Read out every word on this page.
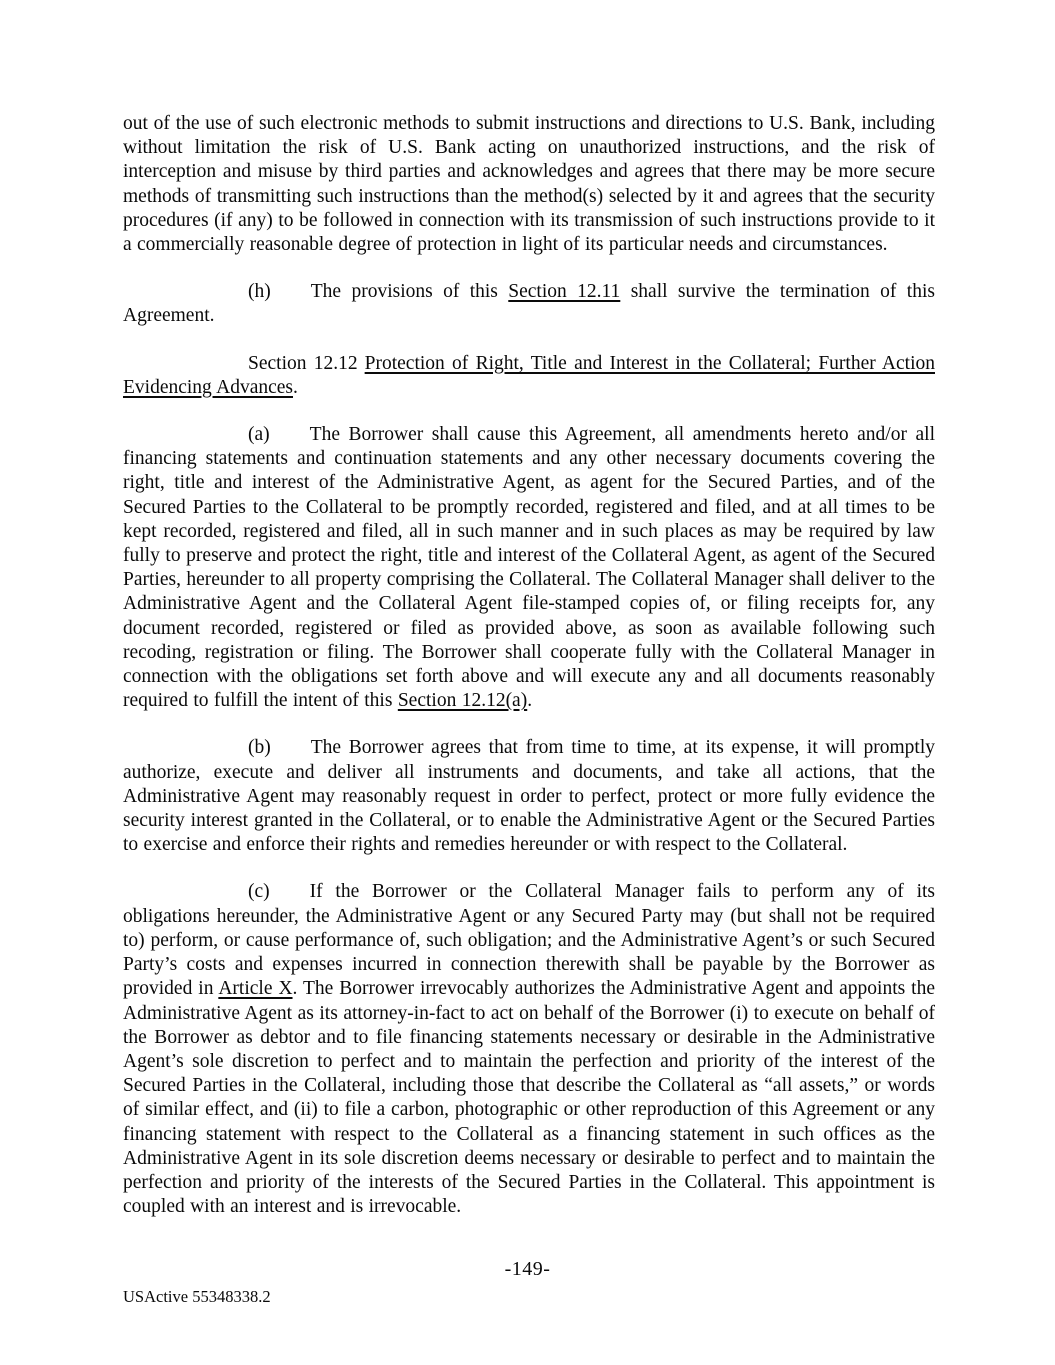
out of the use of such electronic methods to submit instructions and directions to U.S. Bank, including without limitation the risk of U.S. Bank acting on unauthorized instructions, and the risk of interception and misuse by third parties and acknowledges and agrees that there may be more secure methods of transmitting such instructions than the method(s) selected by it and agrees that the security procedures (if any) to be followed in connection with its transmission of such instructions provide to it a commercially reasonable degree of protection in light of its particular needs and circumstances.

(h) The provisions of this Section 12.11 shall survive the termination of this Agreement.

Section 12.12 Protection of Right, Title and Interest in the Collateral; Further Action Evidencing Advances.

(a) The Borrower shall cause this Agreement, all amendments hereto and/or all financing statements and continuation statements and any other necessary documents covering the right, title and interest of the Administrative Agent, as agent for the Secured Parties, and of the Secured Parties to the Collateral to be promptly recorded, registered and filed, and at all times to be kept recorded, registered and filed, all in such manner and in such places as may be required by law fully to preserve and protect the right, title and interest of the Collateral Agent, as agent of the Secured Parties, hereunder to all property comprising the Collateral. The Collateral Manager shall deliver to the Administrative Agent and the Collateral Agent file-stamped copies of, or filing receipts for, any document recorded, registered or filed as provided above, as soon as available following such recoding, registration or filing. The Borrower shall cooperate fully with the Collateral Manager in connection with the obligations set forth above and will execute any and all documents reasonably required to fulfill the intent of this Section 12.12(a).

(b) The Borrower agrees that from time to time, at its expense, it will promptly authorize, execute and deliver all instruments and documents, and take all actions, that the Administrative Agent may reasonably request in order to perfect, protect or more fully evidence the security interest granted in the Collateral, or to enable the Administrative Agent or the Secured Parties to exercise and enforce their rights and remedies hereunder or with respect to the Collateral.

(c) If the Borrower or the Collateral Manager fails to perform any of its obligations hereunder, the Administrative Agent or any Secured Party may (but shall not be required to) perform, or cause performance of, such obligation; and the Administrative Agent’s or such Secured Party’s costs and expenses incurred in connection therewith shall be payable by the Borrower as provided in Article X. The Borrower irrevocably authorizes the Administrative Agent and appoints the Administrative Agent as its attorney-in-fact to act on behalf of the Borrower (i) to execute on behalf of the Borrower as debtor and to file financing statements necessary or desirable in the Administrative Agent’s sole discretion to perfect and to maintain the perfection and priority of the interest of the Secured Parties in the Collateral, including those that describe the Collateral as “all assets,” or words of similar effect, and (ii) to file a carbon, photographic or other reproduction of this Agreement or any financing statement with respect to the Collateral as a financing statement in such offices as the Administrative Agent in its sole discretion deems necessary or desirable to perfect and to maintain the perfection and priority of the interests of the Secured Parties in the Collateral. This appointment is coupled with an interest and is irrevocable.

-149-
USActive 55348338.2
